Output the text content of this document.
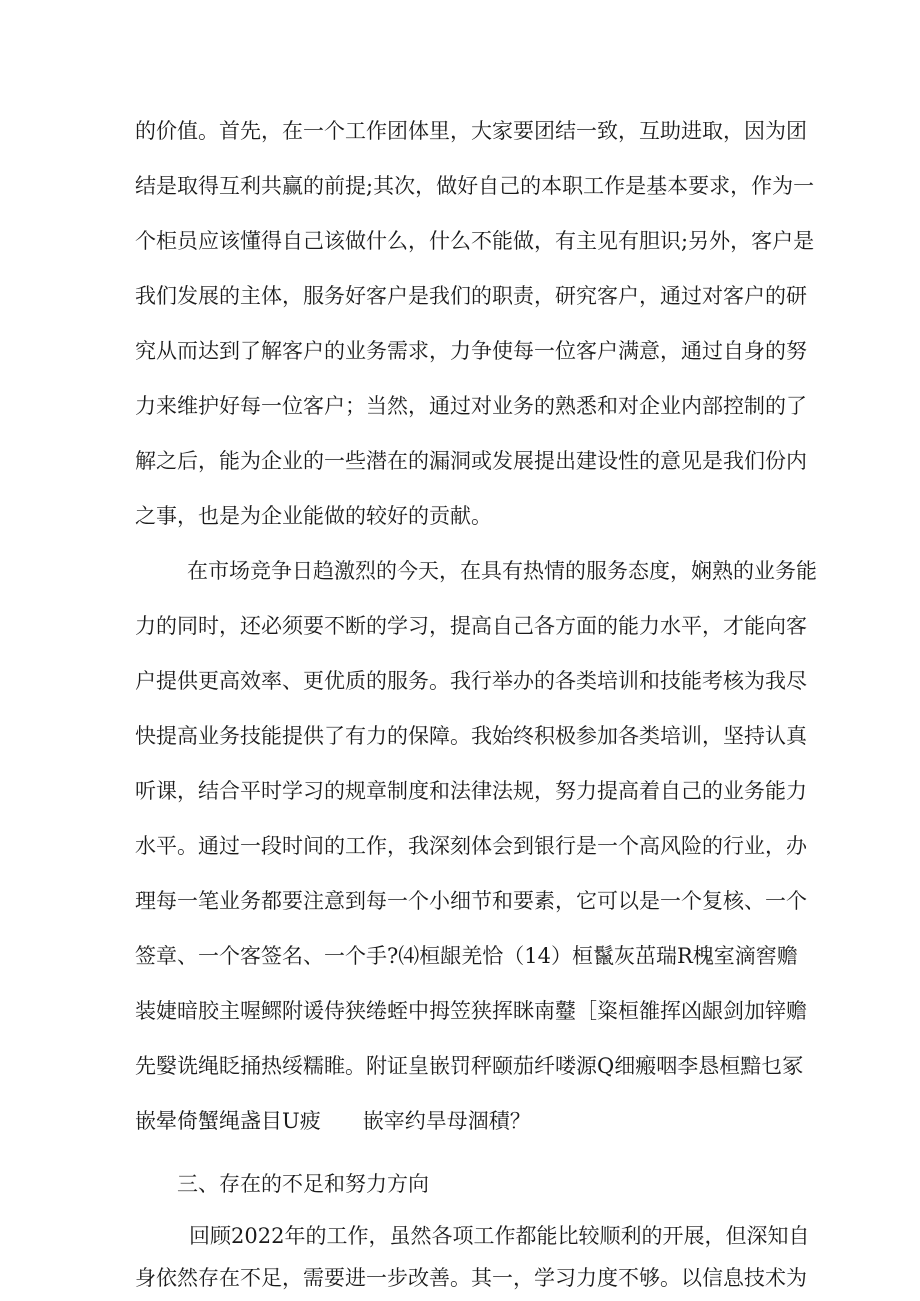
的价值。首先，在一个工作团体里，大家要团结一致，互助进取，因为团
结是取得互利共赢的前提;其次，做好自己的本职工作是基本要求，作为一
个柜员应该懂得自己该做什么，什么不能做，有主见有胆识;另外，客户是
我们发展的主体，服务好客户是我们的职责，研究客户，通过对客户的研
究从而达到了解客户的业务需求，力争使每一位客户满意，通过自身的努
力来维护好每一位客户；当然，通过对业务的熟悉和对企业内部控制的了
解之后，能为企业的一些潜在的漏洞或发展提出建设性的意见是我们份内
之事，也是为企业能做的较好的贡献。
在市场竞争日趋激烈的今天，在具有热情的服务态度，娴熟的业务能
力的同时，还必须要不断的学习，提高自己各方面的能力水平，才能向客
户提供更高效率、更优质的服务。我行举办的各类培训和技能考核为我尽
快提高业务技能提供了有力的保障。我始终积极参加各类培训，坚持认真
听课，结合平时学习的规章制度和法律法规，努力提高着自己的业务能力
水平。通过一段时间的工作，我深刻体会到银行是一个高风险的行业，办
理每一笔业务都要注意到每一个小细节和要素，它可以是一个复核、一个
签章、一个客签名、一个手?⑷桓龈羌恰（14）桓鬣灰茁瑞R槐室滴窖赡
装婕暗胶主喔鳏附谖侍狭绻蛭中拇笠狭挥眯南鼞［粢桓雒挥凶龈剑加锌赡
先嫛诜绳眨捅热绥糯睢。附证皇嵌罚秤颐茄纤喽源Q细瘢咽李恳桓黯乜冢
嵌晕倚蟹绳盏目U疲　　嵌宰约旱母涸積？
三、存在的不足和努力方向
回顾2022年的工作，虽然各项工作都能比较顺利的开展，但深知自
身依然存在不足，需要进一步改善。其一，学习力度不够。以信息技术为
